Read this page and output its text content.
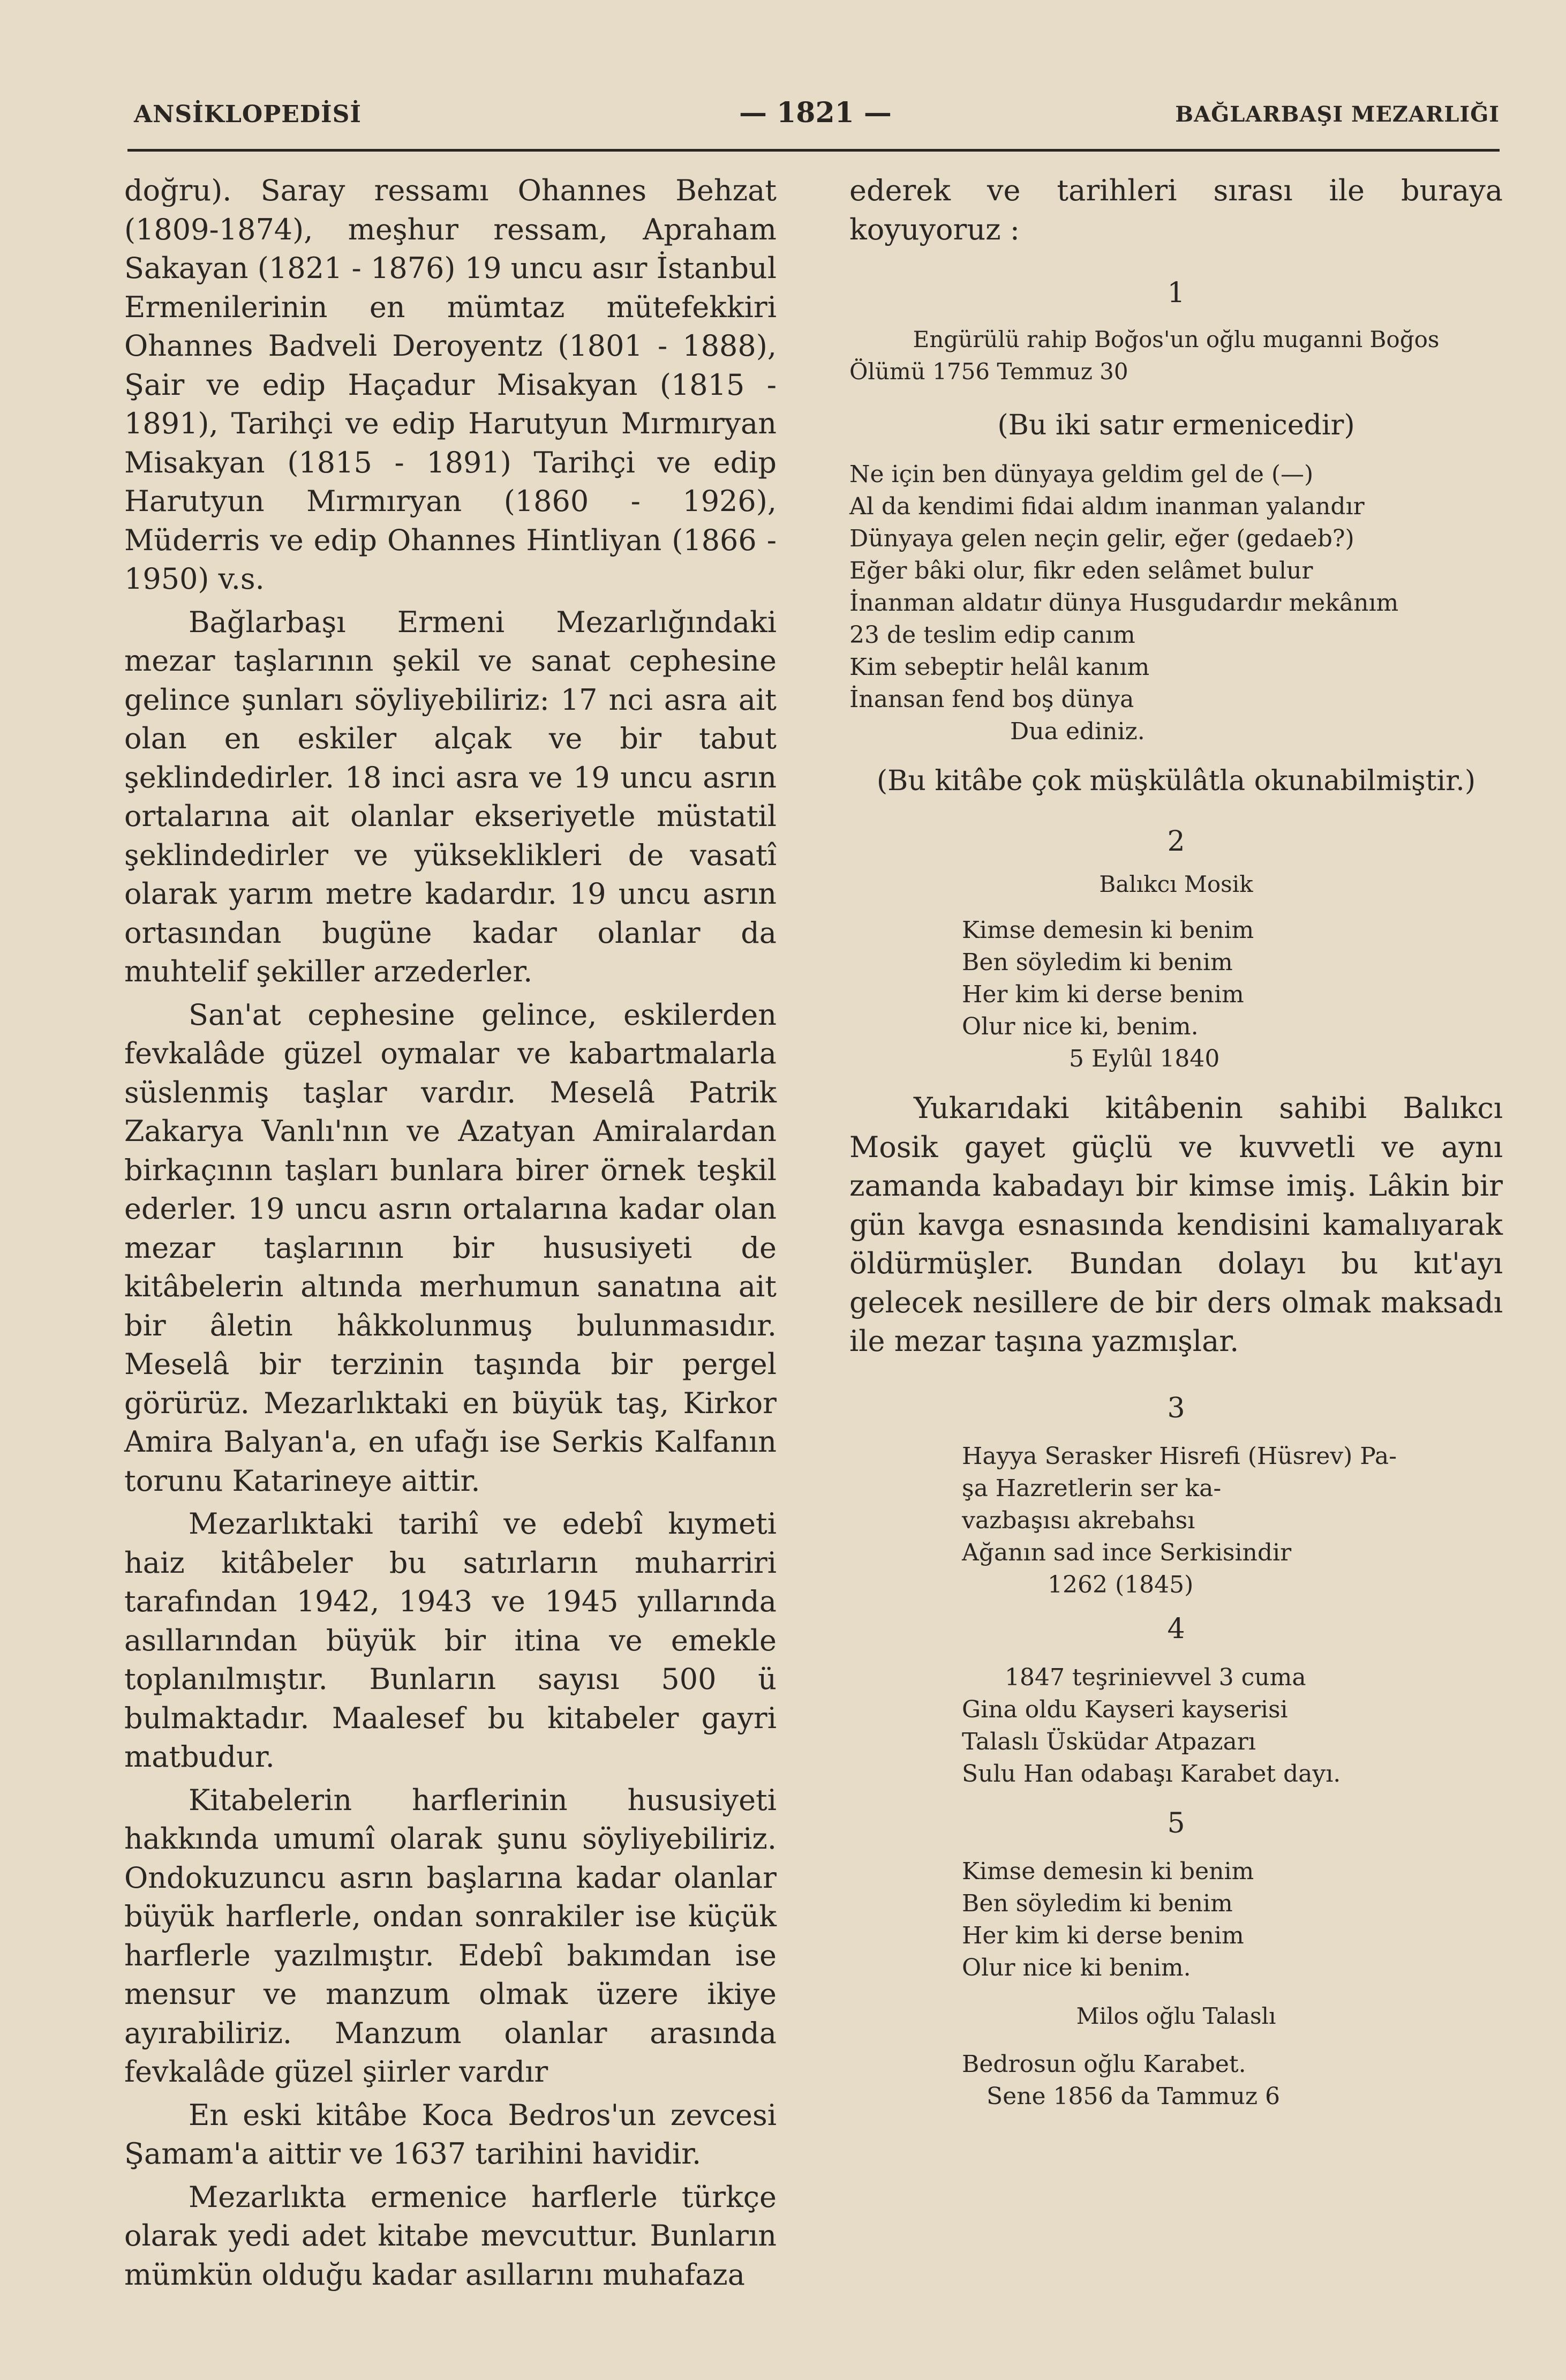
ANSİKLOPEDİSİ	— 1821 —	BAĞLARBAŞI MEZARLIĞI

doğru). Saray ressamı Ohannes Behzat (1809-1874), meşhur ressam, Apraham Sakayan (1821 - 1876) 19 uncu asır İstanbul Ermenilerinin en mümtaz mütefekkiri Ohannes Badveli Deroyentz (1801 - 1888), Şair ve edip Haçadur Misakyan (1815 - 1891), Tarihçi ve edip Harutyun Mırmıryan Misakyan (1815 - 1891) Tarihçi ve edip Harutyun Mırmıryan (1860 - 1926), Müderris ve edip Ohannes Hintliyan (1866 - 1950) v.s.

Bağlarbaşı Ermeni Mezarlığındaki mezar taşlarının şekil ve sanat cephesine gelince şunları söyliyebiliriz: 17 nci asra ait olan en eskiler alçak ve bir tabut şeklindedirler. 18 inci asra ve 19 uncu asrın ortalarına ait olanlar ekseriyetle müstatil şeklindedirler ve yükseklikleri de vasatî olarak yarım metre kadardır. 19 uncu asrın ortasından bugüne kadar olanlar da muhtelif şekiller arzederler.

San'at cephesine gelince, eskilerden fevkalâde güzel oymalar ve kabartmalarla süslenmiş taşlar vardır. Meselâ Patrik Zakarya Vanlı'nın ve Azatyan Amiralardan birkaçının taşları bunlara birer örnek teşkil ederler. 19 uncu asrın ortalarına kadar olan mezar taşlarının bir hususiyeti de kitâbelerin altında merhumun sanatına ait bir âletin hâkkolunmuş bulunmasıdır. Meselâ bir terzinin taşında bir pergel görürüz. Mezarlıktaki en büyük taş, Kirkor Amira Balyan'a, en ufağı ise Serkis Kalfanın torunu Katarineye aittir.

Mezarlıktaki tarihî ve edebî kıymeti haiz kitâbeler bu satırların muharriri tarafından 1942, 1943 ve 1945 yıllarında asıllarından büyük bir itina ve emekle toplanılmıştır. Bunların sayısı 500 ü bulmaktadır. Maalesef bu kitabeler gayri matbudur.

Kitabelerin harflerinin hususiyeti hakkında umumî olarak şunu söyliyebiliriz. Ondokuzuncu asrın başlarına kadar olanlar büyük harflerle, ondan sonrakiler ise küçük harflerle yazılmıştır. Edebî bakımdan ise mensur ve manzum olmak üzere ikiye ayırabiliriz. Manzum olanlar arasında fevkalâde güzel şiirler vardır

En eski kitâbe Koca Bedros'un zevcesi Şamam'a aittir ve 1637 tarihini havidir.

Mezarlıkta ermenice harflerle türkçe olarak yedi adet kitabe mevcuttur. Bunların mümkün olduğu kadar asıllarını muhafaza

ederek ve tarihleri sırası ile buraya koyuyoruz :

1

Engürülü rahip Boğos'un oğlu muganni Boğos
Ölümü 1756 Temmuz 30

(Bu iki satır ermenicedir)

Ne için ben dünyaya geldim gel de (—)
Al da kendimi fidai aldım inanman yalandır
Dünyaya gelen neçin gelir, eğer (gedaeb?)
Eğer bâki olur, fikr eden selâmet bulur
İnanman aldatır dünya Husgudardır mekânım
23 de teslim edip canım
Kim sebeptir helâl kanım
İnansan fend boş dünya
Dua ediniz.

(Bu kitâbe çok müşkülâtla okunabilmiştir.)

2

Balıkcı Mosik

Kimse demesin ki benim
Ben söyledim ki benim
Her kim ki derse benim
Olur nice ki, benim.
5 Eylûl 1840

Yukarıdaki kitâbenin sahibi Balıkcı Mosik gayet güçlü ve kuvvetli ve aynı zamanda kabadayı bir kimse imiş. Lâkin bir gün kavga esnasında kendisini kamalıyarak öldürmüşler. Bundan dolayı bu kıt'ayı gelecek nesillere de bir ders olmak maksadı ile mezar taşına yazmışlar.

3

Hayya Serasker Hisrefi (Hüsrev) Pa-
şa Hazretlerin ser ka-
vazbaşısı akrebahsı
Ağanın sad ince Serkisindir
1262 (1845)

4

1847 teşrinievvel 3 cuma
Gina oldu Kayseri kayserisi
Talaslı Üsküdar Atpazarı
Sulu Han odabaşı Karabet dayı.

5

Kimse demesin ki benim
Ben söyledim ki benim
Her kim ki derse benim
Olur nice ki benim.

Milos oğlu Talaslı

Bedrosun oğlu Karabet.
Sene 1856 da Tammuz 6
